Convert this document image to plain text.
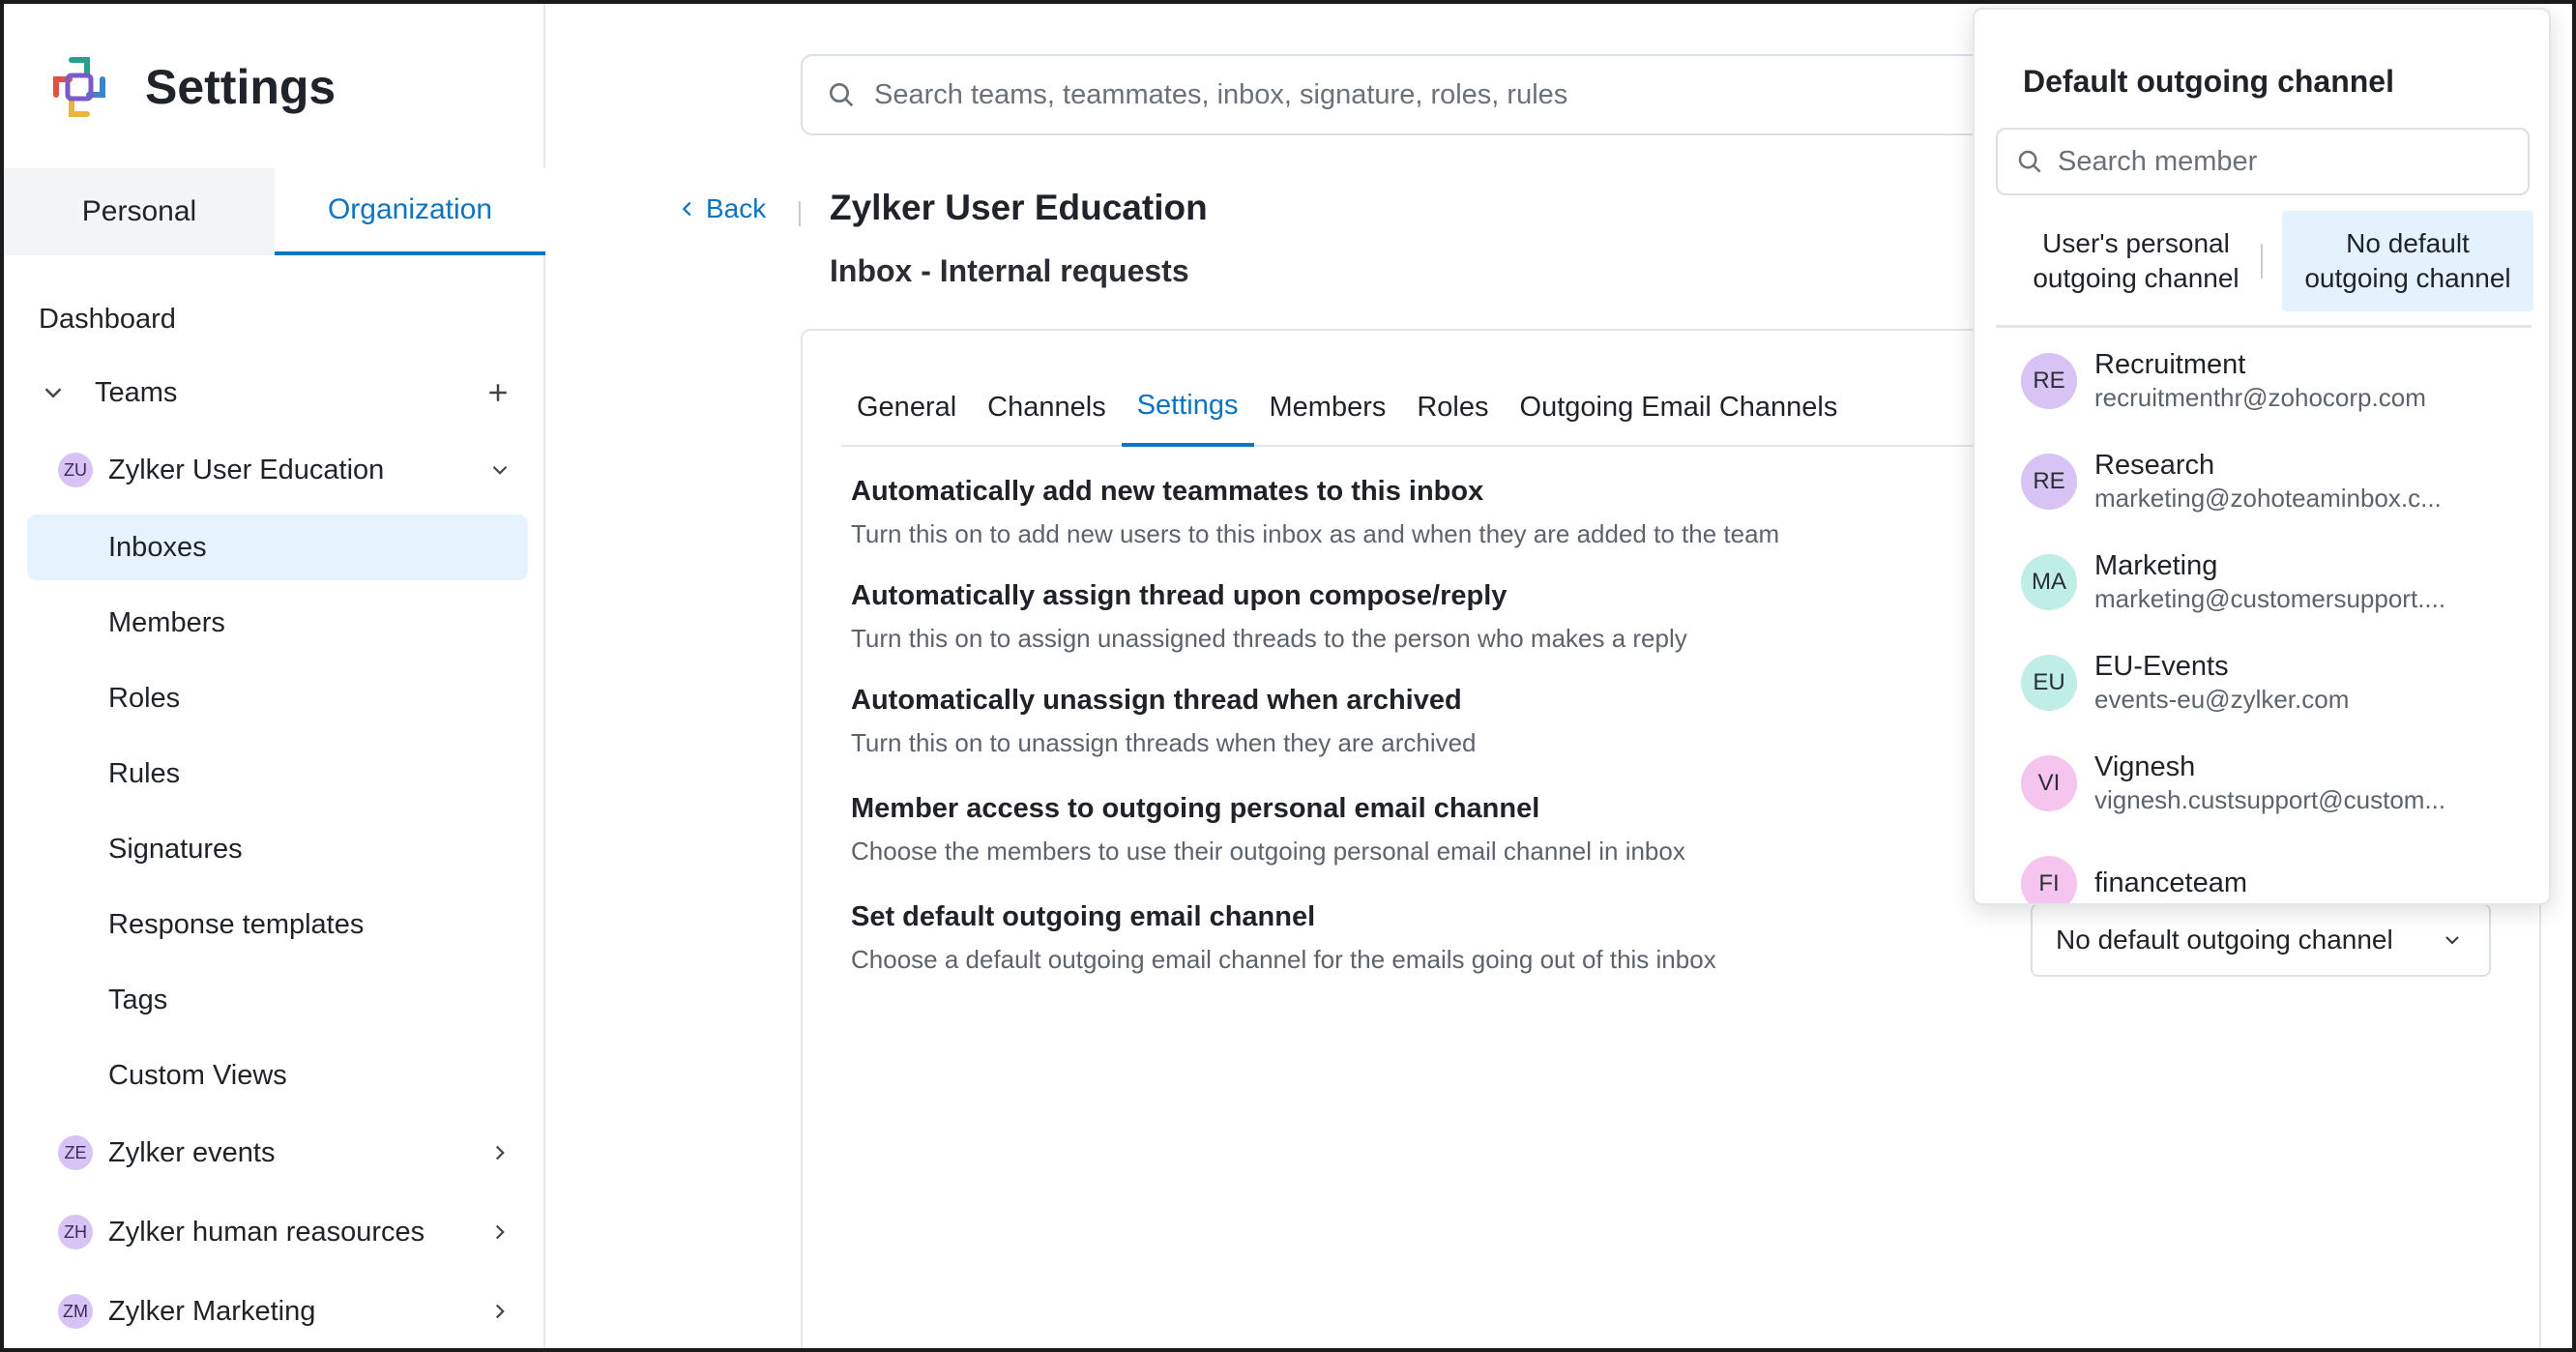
Settings
Personal	Organization
Dashboard
Teams
ZU Zylker User Education
Inboxes
Members
Roles
Rules
Signatures
Response templates
Tags
Custom Views
ZE Zylker events
ZH Zylker human reasources
ZM Zylker Marketing
Search teams, teammates, inbox, signature, roles, rules
Back Zylker User Education
Inbox - Internal requests
General	Channels	Settings	Members	Roles	Outgoing Email Channels
Automatically add new teammates to this inbox
Turn this on to add new users to this inbox as and when they are added to the team
Automatically assign thread upon compose/reply
Turn this on to assign unassigned threads to the person who makes a reply
Automatically unassign thread when archived
Turn this on to unassign threads when they are archived
Member access to outgoing personal email channel
Choose the members to use their outgoing personal email channel in inbox
Set default outgoing email channel
Choose a default outgoing email channel for the emails going out of this inbox
No default outgoing channel
Default outgoing channel
Search member
User's personal outgoing channel
No default outgoing channel
RE
Recruitment
recruitmenthr@zohocorp.com
RE
Research
marketing@zohoteaminbox.c...
MA
Marketing
marketing@customersupport....
EU
EU-Events
events-eu@zylker.com
VI
Vignesh
vignesh.custsupport@custom...
FI	financeteam
